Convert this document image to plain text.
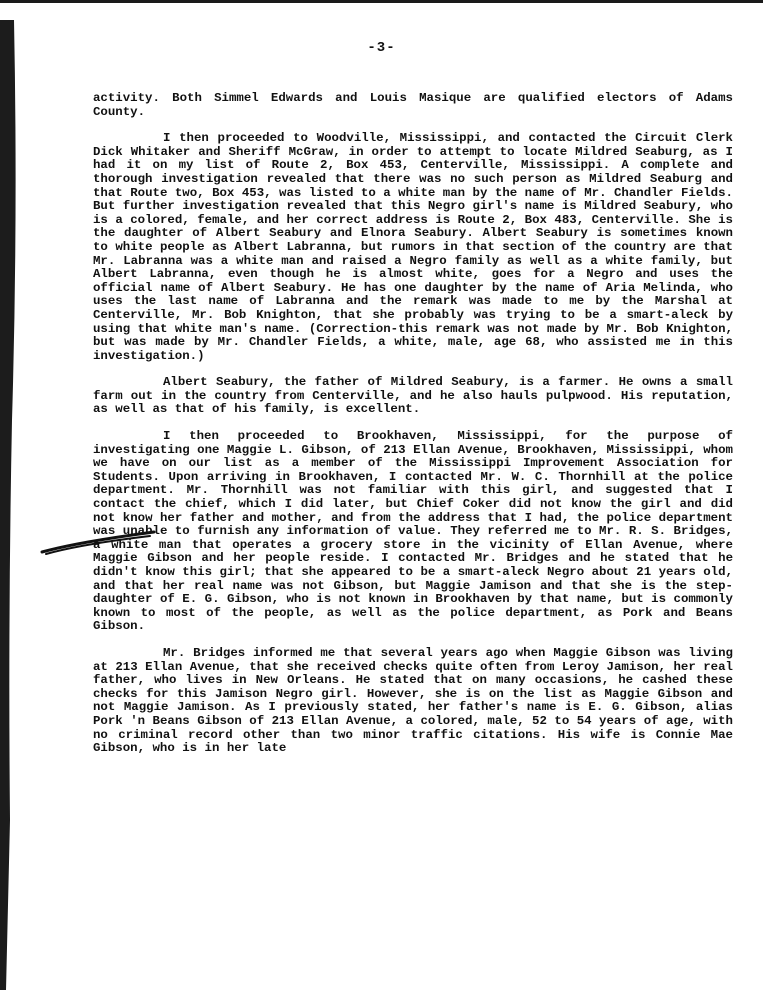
-3-

activity. Both Simmel Edwards and Louis Masique are qualified electors of Adams County.

I then proceeded to Woodville, Mississippi, and contacted the Circuit Clerk Dick Whitaker and Sheriff McGraw, in order to attempt to locate Mildred Seaburg, as I had it on my list of Route 2, Box 453, Centerville, Mississippi. A complete and thorough investigation revealed that there was no such person as Mildred Seaburg and that Route two, Box 453, was listed to a white man by the name of Mr. Chandler Fields. But further investigation revealed that this Negro girl's name is Mildred Seabury, who is a colored, female, and her correct address is Route 2, Box 483, Centerville. She is the daughter of Albert Seabury and Elnora Seabury. Albert Seabury is sometimes known to white people as Albert Labranna, but rumors in that section of the country are that Mr. Labranna was a white man and raised a Negro family as well as a white family, but Albert Labranna, even though he is almost white, goes for a Negro and uses the official name of Albert Seabury. He has one daughter by the name of Aria Melinda, who uses the last name of Labranna and the remark was made to me by the Marshal at Centerville, Mr. Bob Knighton, that she probably was trying to be a smart-aleck by using that white man's name. (Correction-this remark was not made by Mr. Bob Knighton, but was made by Mr. Chandler Fields, a white, male, age 68, who assisted me in this investigation.)

Albert Seabury, the father of Mildred Seabury, is a farmer. He owns a small farm out in the country from Centerville, and he also hauls pulpwood. His reputation, as well as that of his family, is excellent.

I then proceeded to Brookhaven, Mississippi, for the purpose of investigating one Maggie L. Gibson, of 213 Ellan Avenue, Brookhaven, Mississippi, whom we have on our list as a member of the Mississippi Improvement Association for Students. Upon arriving in Brookhaven, I contacted Mr. W. C. Thornhill at the police department. Mr. Thornhill was not familiar with this girl, and suggested that I contact the chief, which I did later, but Chief Coker did not know the girl and did not know her father and mother, and from the address that I had, the police department was unable to furnish any information of value. They referred me to Mr. R. S. Bridges, a white man that operates a grocery store in the vicinity of Ellan Avenue, where Maggie Gibson and her people reside. I contacted Mr. Bridges and he stated that he didn't know this girl; that she appeared to be a smart-aleck Negro about 21 years old, and that her real name was not Gibson, but Maggie Jamison and that she is the step-daughter of E. G. Gibson, who is not known in Brookhaven by that name, but is commonly known to most of the people, as well as the police department, as Pork and Beans Gibson.

Mr. Bridges informed me that several years ago when Maggie Gibson was living at 213 Ellan Avenue, that she received checks quite often from Leroy Jamison, her real father, who lives in New Orleans. He stated that on many occasions, he cashed these checks for this Jamison Negro girl. However, she is on the list as Maggie Gibson and not Maggie Jamison. As I previously stated, her father's name is E. G. Gibson, alias Pork 'n Beans Gibson of 213 Ellan Avenue, a colored, male, 52 to 54 years of age, with no criminal record other than two minor traffic citations. His wife is Connie Mae Gibson, who is in her late
